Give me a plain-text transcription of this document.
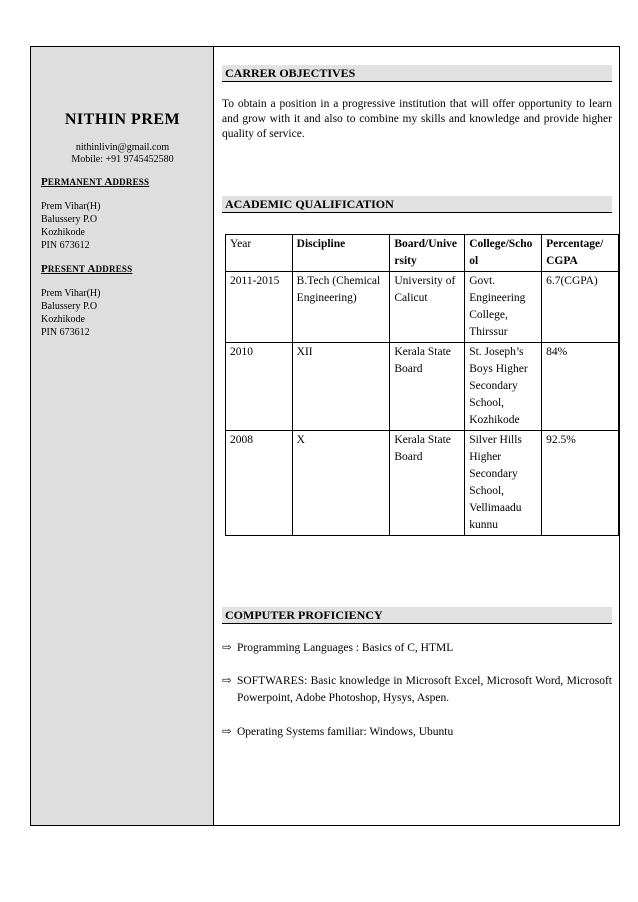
NITHIN PREM
nithinlivin@gmail.com
Mobile: +91 9745452580
PERMANENT ADDRESS
Prem Vihar(H)
Balussery P.O
Kozhikode
PIN 673612
PRESENT ADDRESS
Prem Vihar(H)
Balussery P.O
Kozhikode
PIN 673612
CARRER OBJECTIVES
To obtain a position in a progressive institution that will offer opportunity to learn and grow with it and also to combine my skills and knowledge and provide higher quality of service.
ACADEMIC QUALIFICATION
Year	Discipline	Board/University	College/School	Percentage/ CGPA
2011-2015	B.Tech (Chemical Engineering)	University of Calicut	Govt. Engineering College, Thirssur	6.7(CGPA)
2010	XII	Kerala State Board	St. Joseph’s Boys Higher Secondary School, Kozhikode	84%
2008	X	Kerala State Board	Silver Hills Higher Secondary School, Vellimaadu kunnu	92.5%
COMPUTER PROFICIENCY
⇨ Programming Languages : Basics of C, HTML
⇨ SOFTWARES: Basic knowledge in Microsoft Excel, Microsoft Word, Microsoft Powerpoint, Adobe Photoshop, Hysys, Aspen.
⇨ Operating Systems familiar: Windows, Ubuntu
